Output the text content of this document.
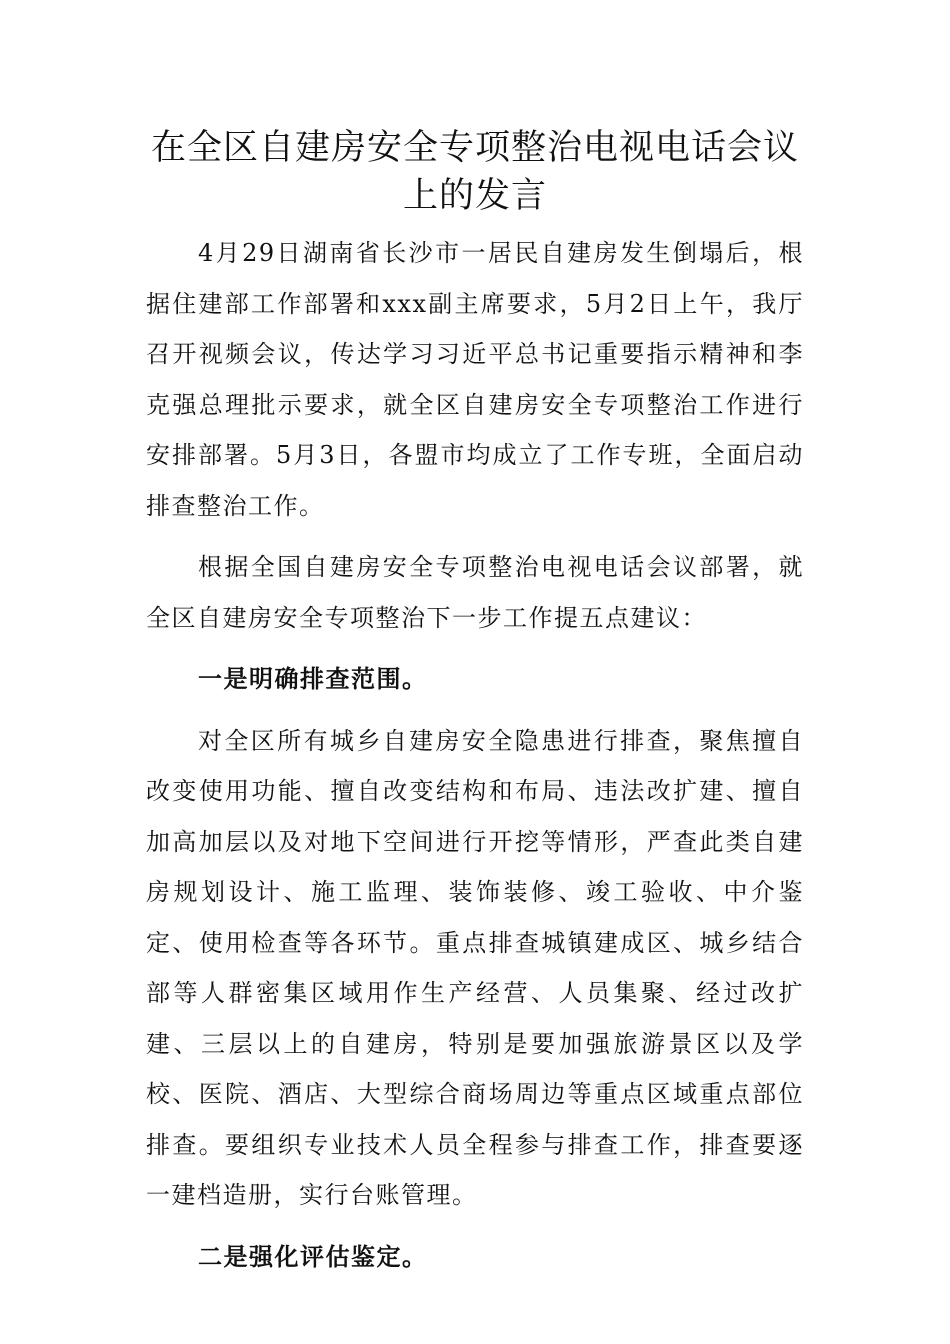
在全区自建房安全专项整治电视电话会议
上的发言

4月29日湖南省长沙市一居民自建房发生倒塌后，根据住建部工作部署和xxx副主席要求，5月2日上午，我厅召开视频会议，传达学习习近平总书记重要指示精神和李克强总理批示要求，就全区自建房安全专项整治工作进行安排部署。5月3日，各盟市均成立了工作专班，全面启动排查整治工作。

根据全国自建房安全专项整治电视电话会议部署，就全区自建房安全专项整治下一步工作提五点建议：

一是明确排查范围。

对全区所有城乡自建房安全隐患进行排查，聚焦擅自改变使用功能、擅自改变结构和布局、违法改扩建、擅自加高加层以及对地下空间进行开挖等情形，严查此类自建房规划设计、施工监理、装饰装修、竣工验收、中介鉴定、使用检查等各环节。重点排查城镇建成区、城乡结合部等人群密集区域用作生产经营、人员集聚、经过改扩建、三层以上的自建房，特别是要加强旅游景区以及学校、医院、酒店、大型综合商场周边等重点区域重点部位排查。要组织专业技术人员全程参与排查工作，排查要逐一建档造册，实行台账管理。

二是强化评估鉴定。
